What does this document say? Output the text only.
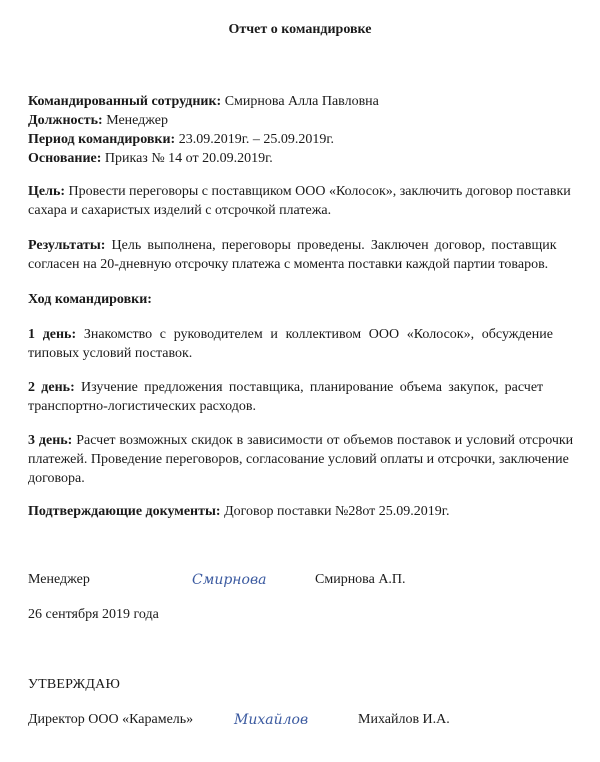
Отчет о командировке
Командированный сотрудник: Смирнова Алла Павловна
Должность: Менеджер
Период командировки: 23.09.2019г. – 25.09.2019г.
Основание: Приказ № 14 от 20.09.2019г.
Цель: Провести переговоры с поставщиком ООО «Колосок», заключить договор поставки
сахара и сахаристых изделий с отсрочкой платежа.
Результаты: Цель выполнена, переговоры проведены. Заключен договор, поставщик
согласен на 20-дневную отсрочку платежа с момента поставки каждой партии товаров.
Ход командировки:
1 день: Знакомство с руководителем и коллективом ООО «Колосок», обсуждение
типовых условий поставок.
2 день: Изучение предложения поставщика, планирование объема закупок, расчет
транспортно-логистических расходов.
3 день: Расчет возможных скидок в зависимости от объемов поставок и условий отсрочки
платежей. Проведение переговоров, согласование условий оплаты и отсрочки, заключение
договора.
Подтверждающие документы: Договор поставки №28от 25.09.2019г.
Менеджер	Смирнова	Смирнова А.П.
26 сентября 2019 года
УТВЕРЖДАЮ
Директор ООО «Карамель»	Михайлов	Михайлов И.А.
